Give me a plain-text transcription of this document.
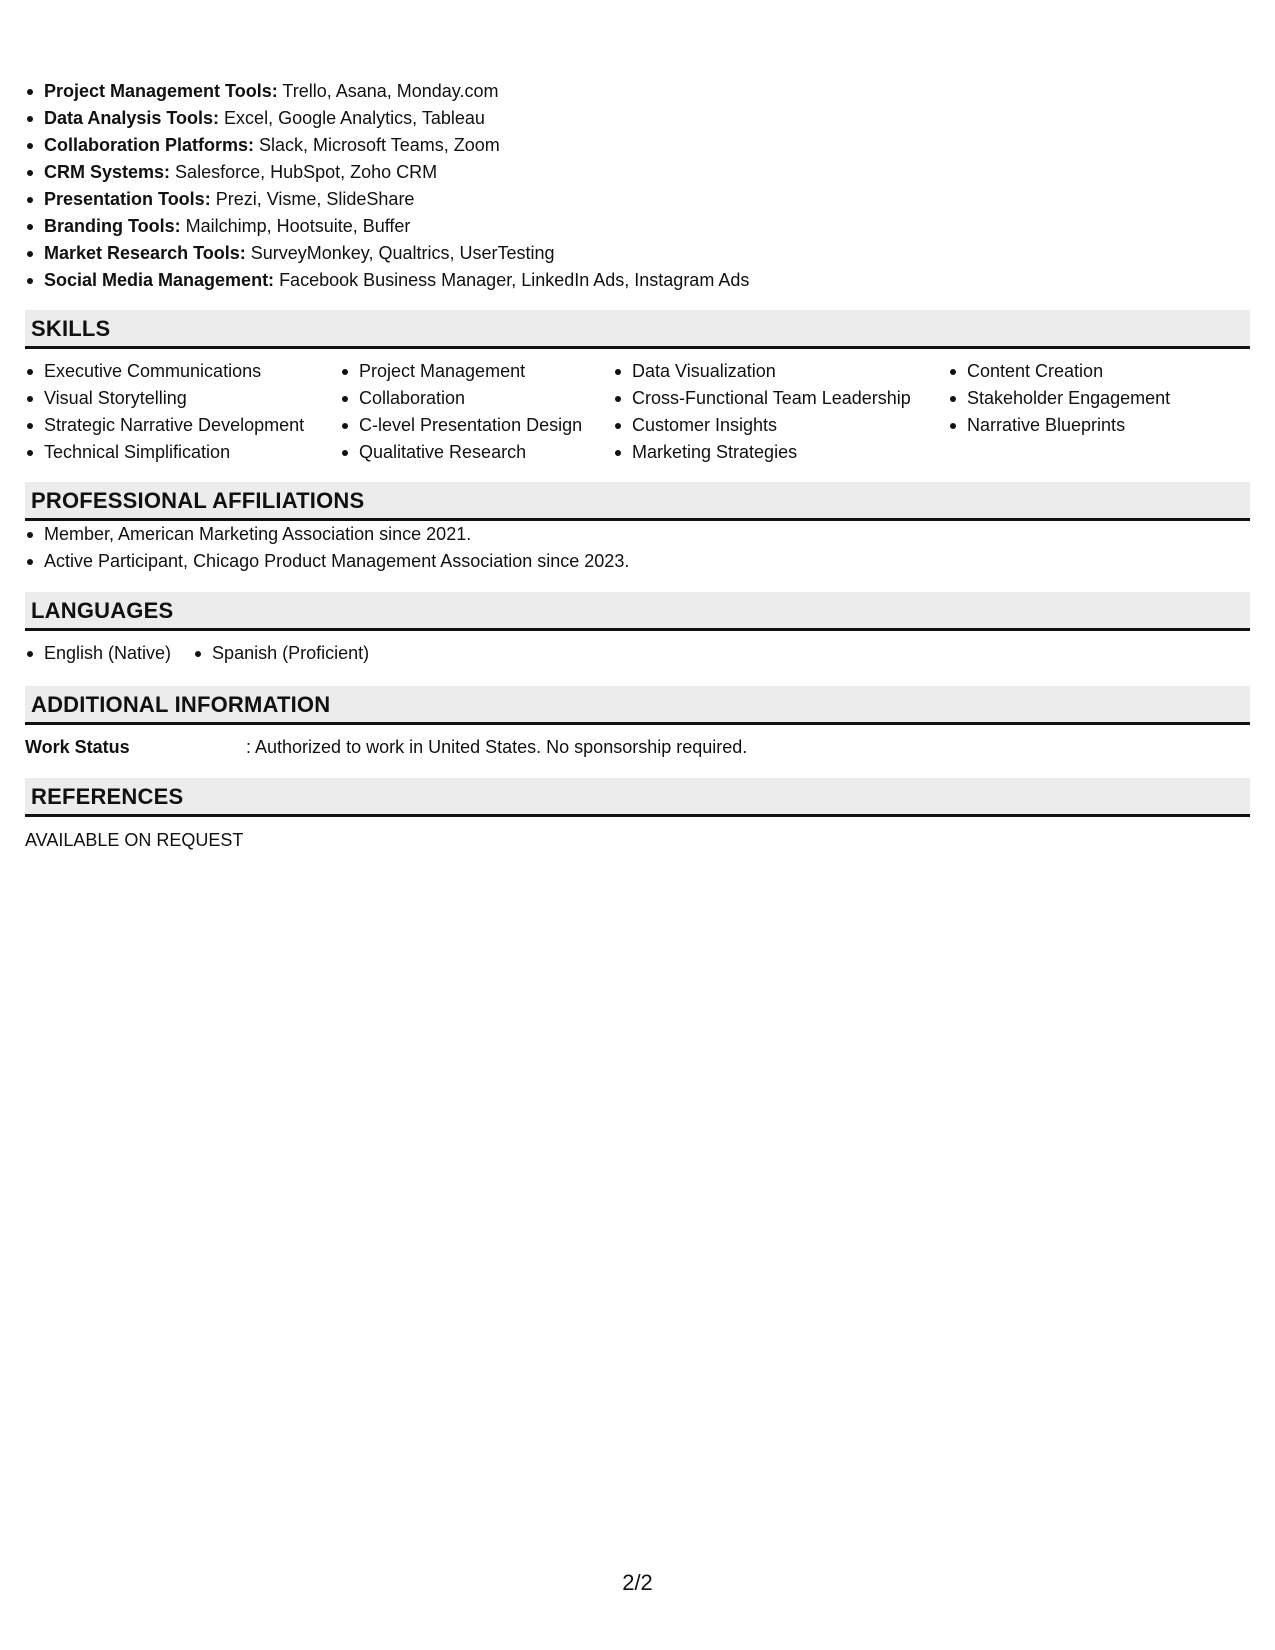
Project Management Tools: Trello, Asana, Monday.com
Data Analysis Tools: Excel, Google Analytics, Tableau
Collaboration Platforms: Slack, Microsoft Teams, Zoom
CRM Systems: Salesforce, HubSpot, Zoho CRM
Presentation Tools: Prezi, Visme, SlideShare
Branding Tools: Mailchimp, Hootsuite, Buffer
Market Research Tools: SurveyMonkey, Qualtrics, UserTesting
Social Media Management: Facebook Business Manager, LinkedIn Ads, Instagram Ads
SKILLS
Executive Communications
Visual Storytelling
Strategic Narrative Development
Technical Simplification
Project Management
Collaboration
C-level Presentation Design
Qualitative Research
Data Visualization
Cross-Functional Team Leadership
Customer Insights
Marketing Strategies
Content Creation
Stakeholder Engagement
Narrative Blueprints
PROFESSIONAL AFFILIATIONS
Member, American Marketing Association since 2021.
Active Participant, Chicago Product Management Association since 2023.
LANGUAGES
English (Native)	Spanish (Proficient)
ADDITIONAL INFORMATION
Work Status	: Authorized to work in United States. No sponsorship required.
REFERENCES
AVAILABLE ON REQUEST
2/2
